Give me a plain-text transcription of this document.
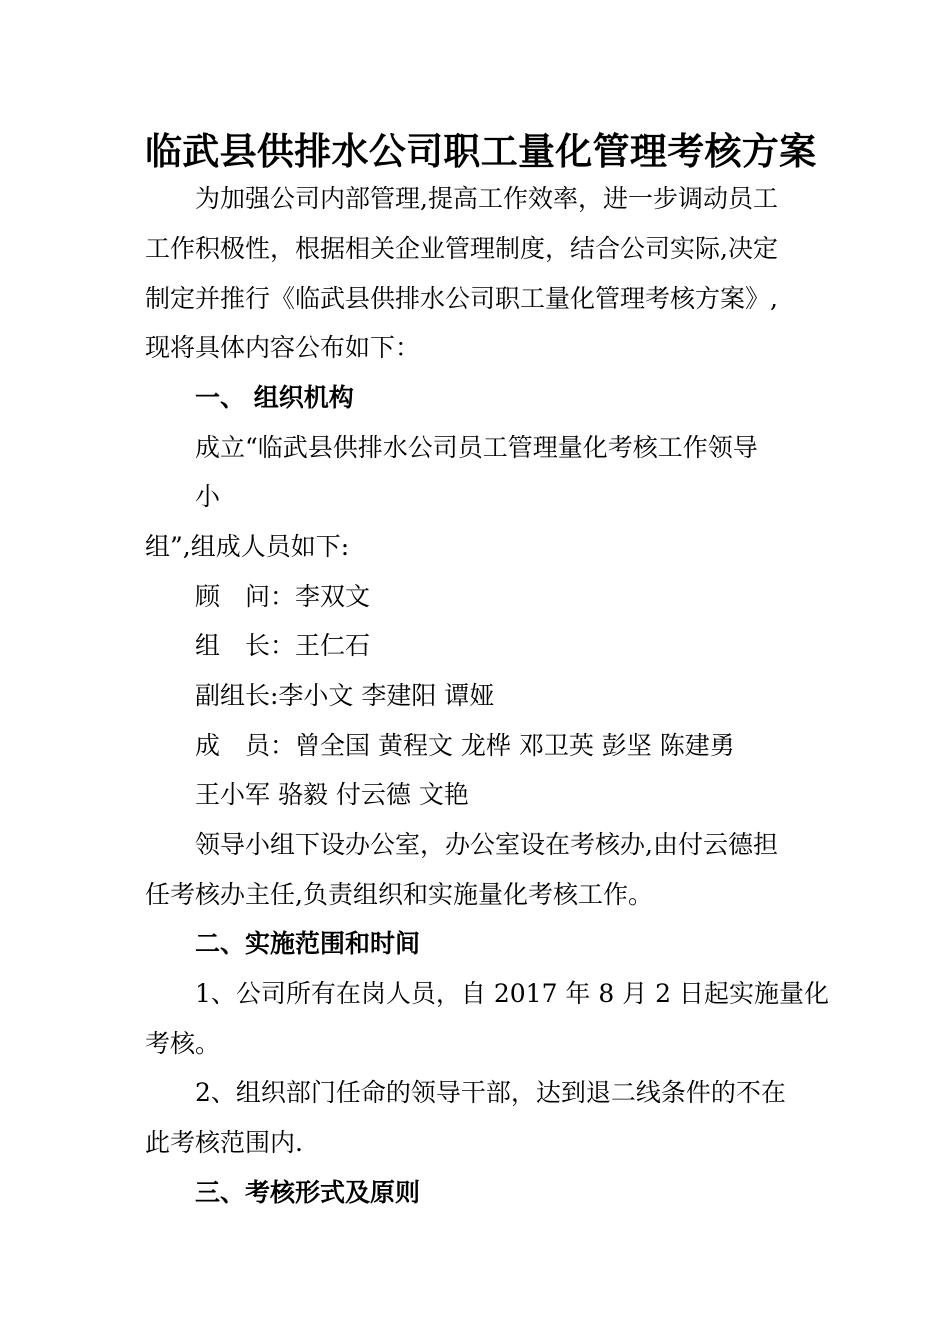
临武县供排水公司职工量化管理考核方案
为加强公司内部管理,提高工作效率，进一步调动员工
工作积极性，根据相关企业管理制度，结合公司实际,决定
制定并推行《临武县供排水公司职工量化管理考核方案》,
现将具体内容公布如下：
一、 组织机构
成立“临武县供排水公司员工管理量化考核工作领导
小
组”,组成人员如下:
顾　问：李双文
组　长：王仁石
副组长:李小文 李建阳 谭娅
成　员：曾全国 黄程文 龙桦 邓卫英 彭坚 陈建勇
王小军 骆毅 付云德 文艳
领导小组下设办公室，办公室设在考核办,由付云德担
任考核办主任,负责组织和实施量化考核工作。
二、实施范围和时间
1、公司所有在岗人员，自 2017 年 8 月 2 日起实施量化
考核。
2、组织部门任命的领导干部，达到退二线条件的不在
此考核范围内.
三、考核形式及原则
